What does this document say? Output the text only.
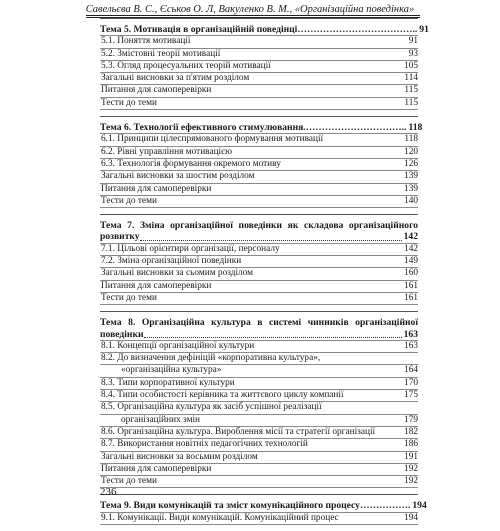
Савельєва В. С., Єськов О. Л, Вакуленко В. М., «Організаційна поведінка»
Тема 5. Мотивація в організаційній поведінці ……………………………….. 91
5.1. Поняття мотивації	91
5.2. Змістовні теорії мотивації	93
5.3. Огляд процесуальних теорій мотивації	105
Загальні висновки за п'ятим розділом	114
Питання для самоперевірки	115
Тести до теми	115
Тема 6. Технології ефективного стимулювання .………………………….. 118
6.1. Принципи цілеспрямованого формування мотивації	118
6.2. Рівні управління мотивацією	120
6.3. Технологія формування окремого мотиву	126
Загальні висновки за шостим розділом	139
Питання для самоперевірки	139
Тести до теми	140
Тема 7. Зміна організаційної поведінки як складова організаційного
розвитку	142
7.1. Цільові орієнтири організації, персоналу	142
7.2. Зміна організаційної поведінки	149
Загальні висновки за сьомим розділом	160
Питання для самоперевірки	161
Тести до теми	161
Тема 8. Організаційна культура в системі чинників організаційної
поведінки	163
8.1. Концепції організаційної культури	163
8.2. До визначення дефініцій «корпоративна культура»,
«організаційна культура»	164
8.3. Типи корпоративної культури	170
8.4. Типи особистості керівника та життєвого циклу компанії	175
8.5. Організаційна культура як засіб успішної реалізації
організаційних змін	179
8.6. Організаційна культура. Вироблення місії та стратегії організації	182
8.7. Використання новітніх педагогічних технологій	186
Загальні висновки за восьмим розділом	191
Питання для самоперевірки	192
Тести до теми	192
Тема 9. Види комунікацій та зміст комунікаційного процесу ……………. 194
9.1. Комунікації. Види комунікацій. Комунікаційний процес	194
236
